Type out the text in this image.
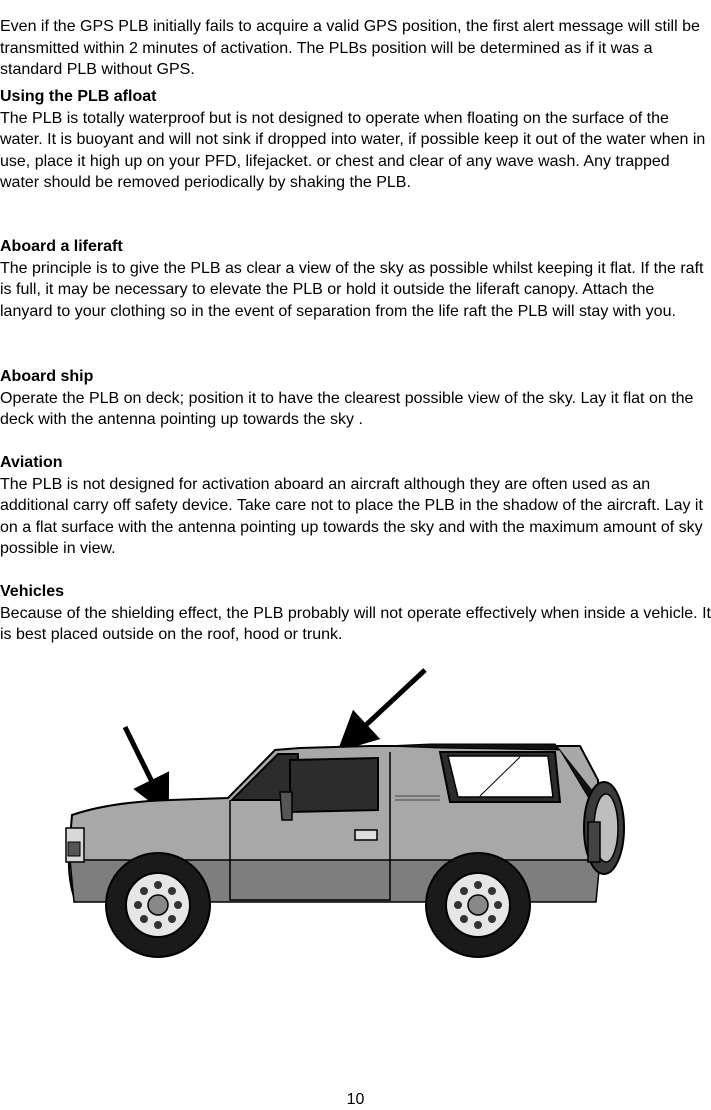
Even if the GPS PLB initially fails to acquire a valid GPS position, the first alert message will still be transmitted within 2 minutes of activation. The PLBs position will be determined as if it was a standard PLB without GPS.

Using the PLB afloat

The PLB is totally waterproof but is not designed to operate when floating on the surface of the water. It is buoyant and will not sink if dropped into water, if possible keep it out of the water when in use, place it high up on your PFD, lifejacket. or chest and clear of any wave wash. Any trapped water should be removed periodically by shaking the PLB.

Aboard a liferaft

The principle is to give the PLB as clear a view of the sky as possible whilst keeping it flat. If the raft is full, it may be necessary to elevate the PLB or hold it outside the liferaft canopy. Attach the lanyard to your clothing so in the event of separation from the life raft the PLB will stay with you.

Aboard ship

Operate the PLB on deck; position it to have the clearest possible view of the sky. Lay it flat on the deck with the antenna pointing up towards the sky .

Aviation

The PLB is not designed for activation aboard an aircraft although they are often used as an additional carry off safety device. Take care not to place the PLB in the shadow of the aircraft. Lay it on a flat surface with the antenna pointing up towards the sky and with the maximum amount of sky possible in view.

Vehicles

Because of the shielding effect, the PLB probably will not operate effectively when inside a vehicle. It is best placed outside on the roof, hood or trunk.

10
